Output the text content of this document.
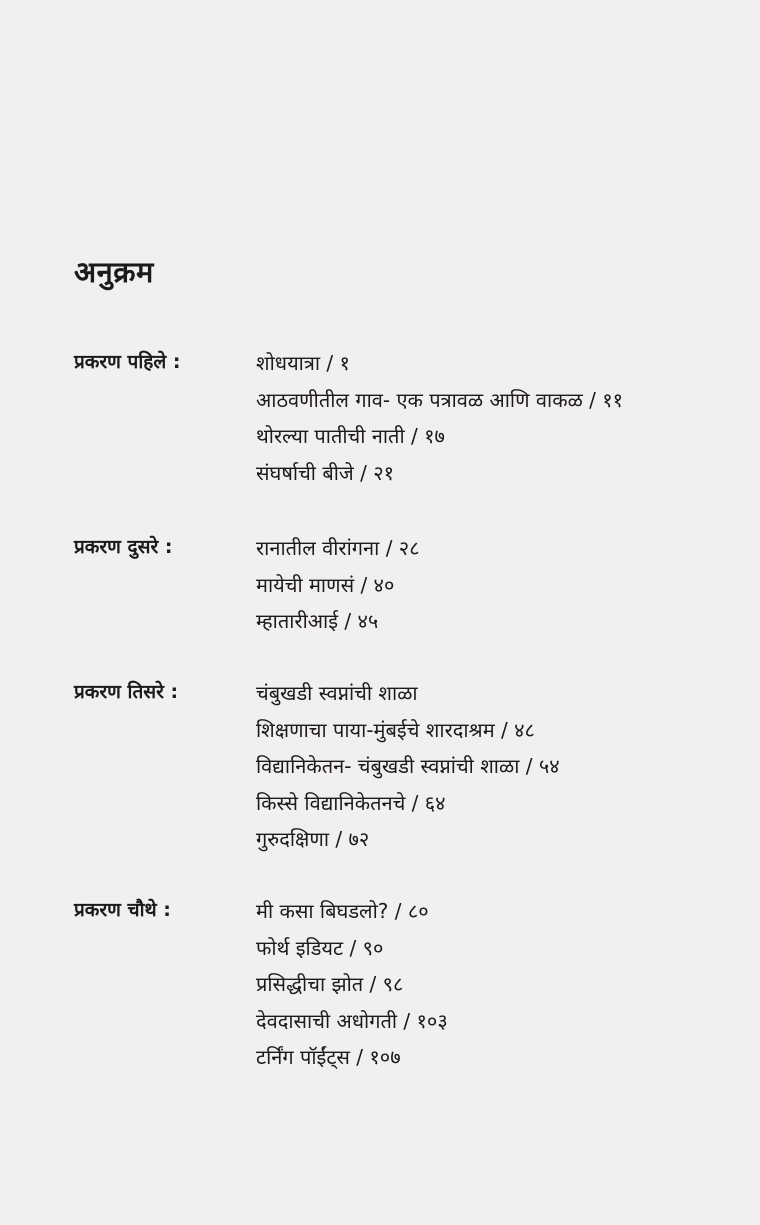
अनुक्रम
प्रकरण पहिले :	शोधयात्रा / १
आठवणीतील गाव- एक पत्रावळ आणि वाकळ / ११
थोरल्या पातीची नाती / १७
संघर्षाची बीजे / २१
प्रकरण दुसरे :	रानातील वीरांगना / २८
मायेची माणसं / ४०
म्हातारीआई / ४५
प्रकरण तिसरे :	चंबुखडी स्वप्नांची शाळा
शिक्षणाचा पाया-मुंबईचे शारदाश्रम / ४८
विद्यानिकेतन- चंबुखडी स्वप्नांची शाळा / ५४
किस्से विद्यानिकेतनचे / ६४
गुरुदक्षिणा / ७२
प्रकरण चौथे :	मी कसा बिघडलो? / ८०
फोर्थ इडियट / ९०
प्रसिद्धीचा झोत / ९८
देवदासाची अधोगती / १०३
टर्निंग पॉईंट्स / १०७
